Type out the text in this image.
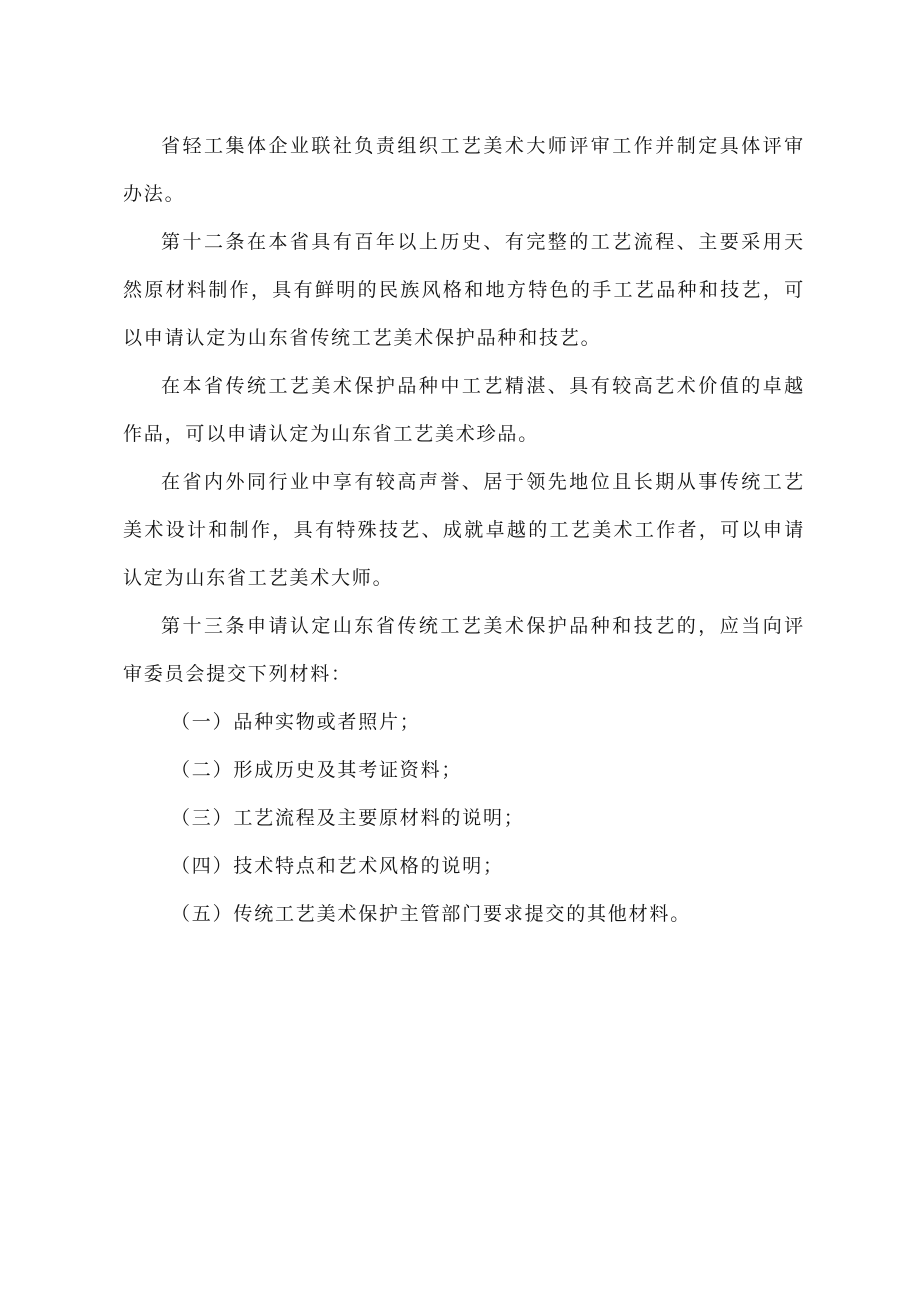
省轻工集体企业联社负责组织工艺美术大师评审工作并制定具体评审办法。

第十二条在本省具有百年以上历史、有完整的工艺流程、主要采用天然原材料制作，具有鲜明的民族风格和地方特色的手工艺品种和技艺，可以申请认定为山东省传统工艺美术保护品种和技艺。

在本省传统工艺美术保护品种中工艺精湛、具有较高艺术价值的卓越作品，可以申请认定为山东省工艺美术珍品。

在省内外同行业中享有较高声誉、居于领先地位且长期从事传统工艺美术设计和制作，具有特殊技艺、成就卓越的工艺美术工作者，可以申请认定为山东省工艺美术大师。

第十三条申请认定山东省传统工艺美术保护品种和技艺的，应当向评审委员会提交下列材料：

（一）品种实物或者照片；

（二）形成历史及其考证资料；

（三）工艺流程及主要原材料的说明；

（四）技术特点和艺术风格的说明；

（五）传统工艺美术保护主管部门要求提交的其他材料。
